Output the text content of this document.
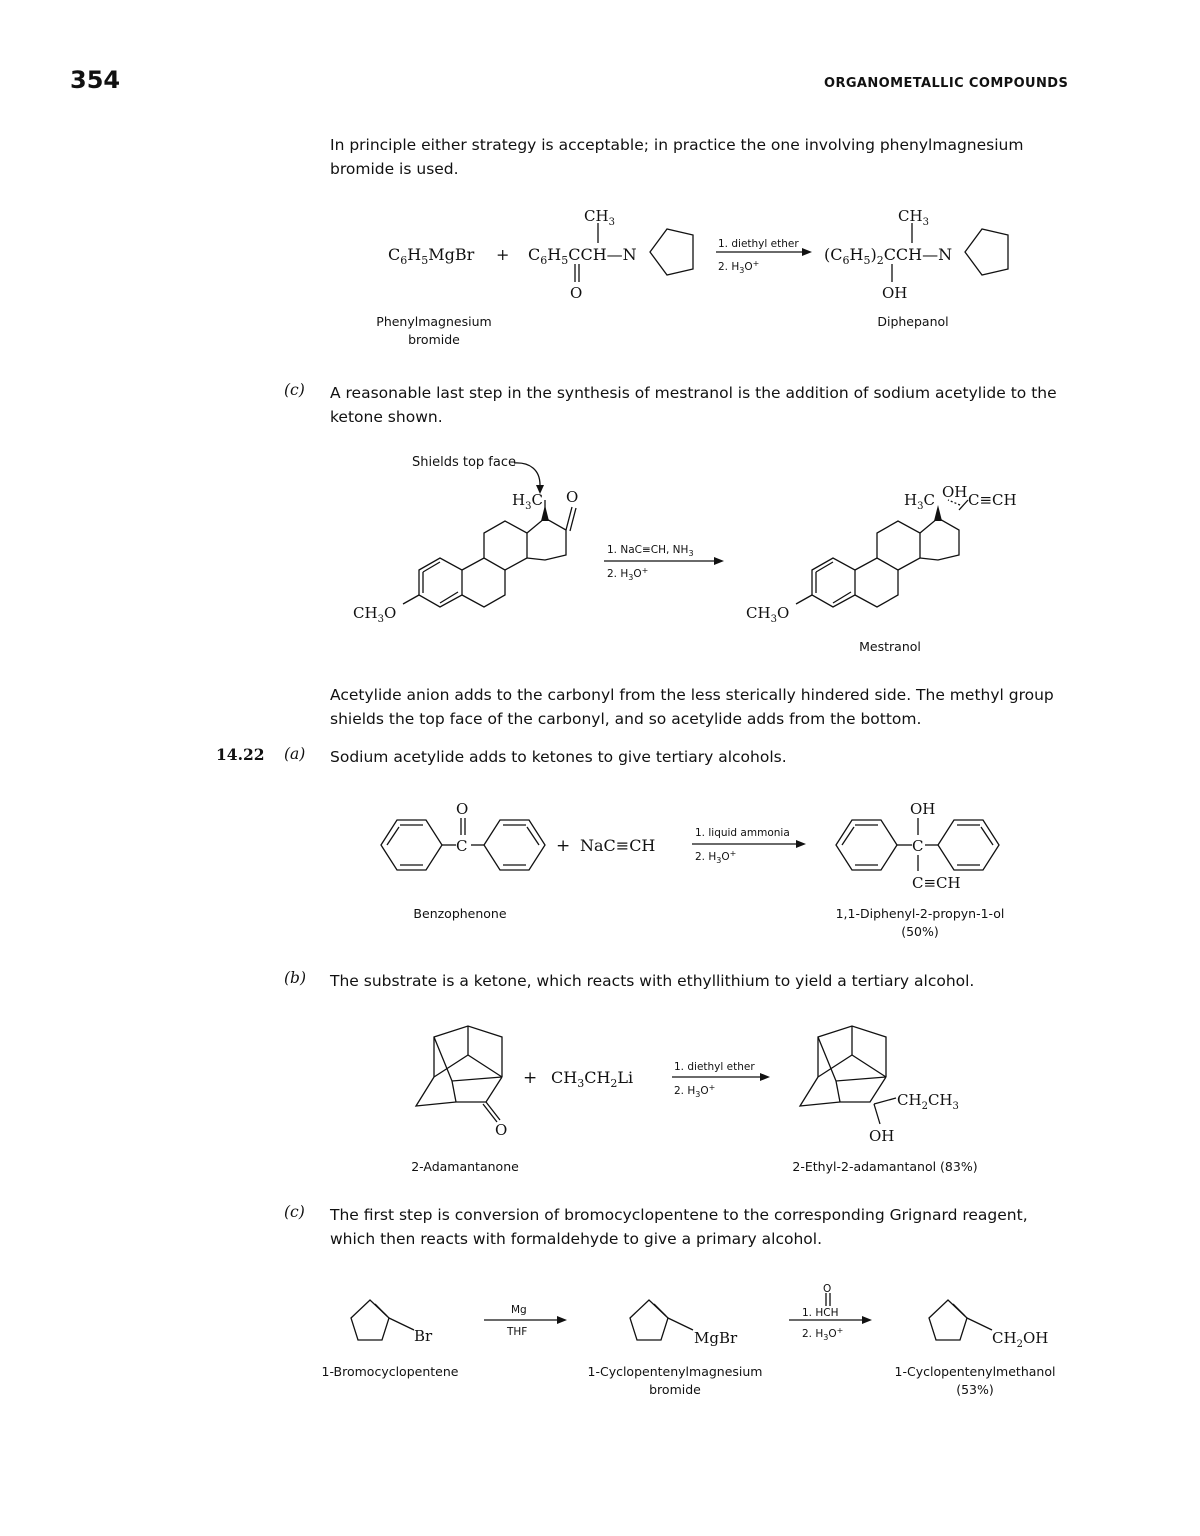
354	ORGANOMETALLIC COMPOUNDS
In principle either strategy is acceptable; in practice the one involving phenylmagnesium bromide is used.
$C_6H_5MgBr$ + $C_6H_5CCH—N$
$CH_3$
O
1. diethyl ether
2. $H_3O^+$	$(C_6H_5)_2CCH—N$
$CH_3$
OH
Phenylmagnesium
bromide
Diphepanol
(c) A reasonable last step in the synthesis of mestranol is the addition of sodium acetylide to the ketone shown.
Shields top face
$H_3C$ O
$CH_3O$
1. NaC≡CH, $NH_3$
2. $H_3O^+$
$H_3C$ OH C≡CH
$CH_3O$
Mestranol
Acetylide anion adds to the carbonyl from the less sterically hindered side. The methyl group shields the top face of the carbonyl, and so acetylide adds from the bottom.
14.22 (a) Sodium acetylide adds to ketones to give tertiary alcohols.
O
C	+ NaC≡CH
1. liquid ammonia
2. $H_3O^+$
OH
C
C≡CH
Benzophenone	1,1-Diphenyl-2-propyn-1-ol
(50%)
(b) The substrate is a ketone, which reacts with ethyllithium to yield a tertiary alcohol.
O
+ $CH_3CH_2Li$
1. diethyl ether
2. $H_3O^+$
$CH_2CH_3$
OH
2-Adamantanone	2-Ethyl-2-adamantanol (83%)
(c) The first step is conversion of bromocyclopentene to the corresponding Grignard reagent, which then reacts with formaldehyde to give a primary alcohol.
Br
Mg
THF	MgBr
O
1. HCH
2. $H_3O^+$	$CH_2OH$
1-Bromocyclopentene	1-Cyclopentenylmagnesium
bromide
1-Cyclopentenylmethanol
(53%)
